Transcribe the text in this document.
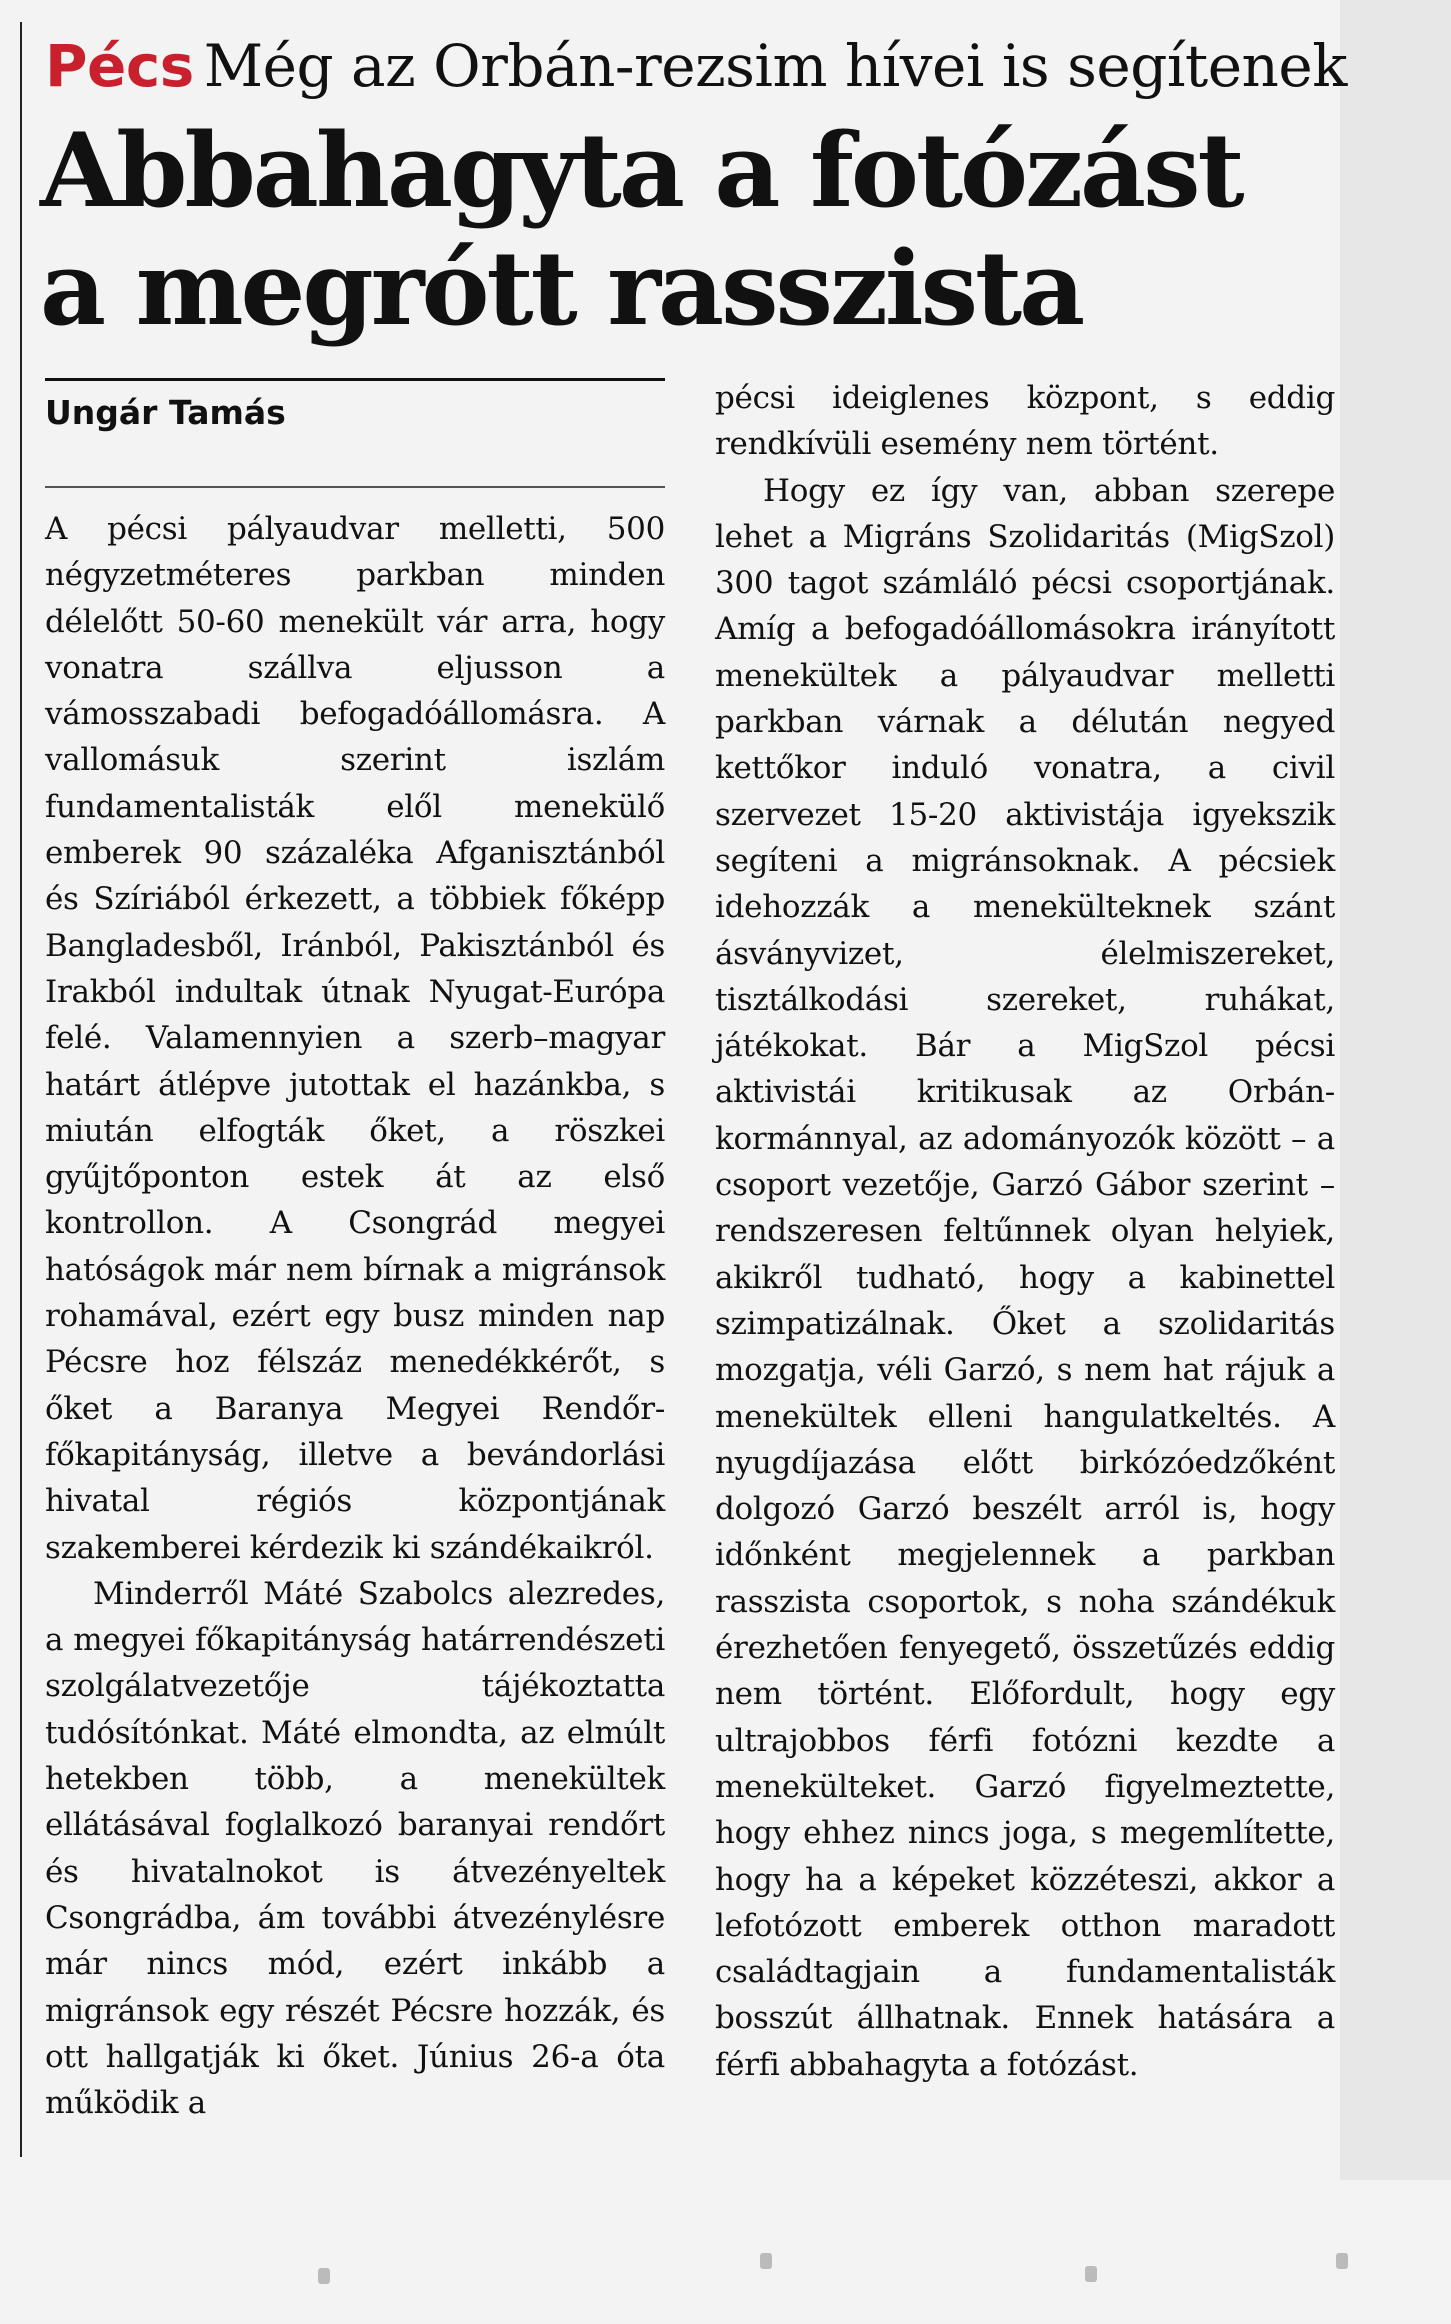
Pécs Még az Orbán-rezsim hívei is segítenek
Abbahagyta a fotózást
a megrótt rasszista
Ungár Tamás

A pécsi pályaudvar melletti, 500 négyzetméteres parkban minden délelőtt 50-60 menekült vár arra, hogy vonatra szállva eljusson a vámosszabadi befogadóállomásra. A vallomásuk szerint iszlám fundamentalisták elől menekülő emberek 90 százaléka Afganisztánból és Szíriából érkezett, a többiek főképp Bangladesből, Iránból, Pakisztánból és Irakból indultak útnak Nyugat-Európa felé. Valamennyien a szerb–magyar határt átlépve jutottak el hazánkba, s miután elfogták őket, a röszkei gyűjtőponton estek át az első kontrollon. A Csongrád megyei hatóságok már nem bírnak a migránsok rohamával, ezért egy busz minden nap Pécsre hoz félszáz menedékkérőt, s őket a Baranya Megyei Rendőr-főkapitányság, illetve a bevándorlási hivatal régiós központjának szakemberei kérdezik ki szándékaikról.

Minderről Máté Szabolcs alezredes, a megyei főkapitányság határrendészeti szolgálatvezetője tájékoztatta tudósítónkat. Máté elmondta, az elmúlt hetekben több, a menekültek ellátásával foglalkozó baranyai rendőrt és hivatalnokot is átvezényeltek Csongrádba, ám további átvezénylésre már nincs mód, ezért inkább a migránsok egy részét Pécsre hozzák, és ott hallgatják ki őket. Június 26-a óta működik a

pécsi ideiglenes központ, s eddig rendkívüli esemény nem történt.

Hogy ez így van, abban szerepe lehet a Migráns Szolidaritás (MigSzol) 300 tagot számláló pécsi csoportjának. Amíg a befogadóállomásokra irányított menekültek a pályaudvar melletti parkban várnak a délután negyed kettőkor induló vonatra, a civil szervezet 15-20 aktivistája igyekszik segíteni a migránsoknak. A pécsiek idehozzák a menekülteknek szánt ásványvizet, élelmiszereket, tisztálkodási szereket, ruhákat, játékokat. Bár a MigSzol pécsi aktivistái kritikusak az Orbán-kormánnyal, az adományozók között – a csoport vezetője, Garzó Gábor szerint – rendszeresen feltűnnek olyan helyiek, akikről tudható, hogy a kabinettel szimpatizálnak. Őket a szolidaritás mozgatja, véli Garzó, s nem hat rájuk a menekültek elleni hangulatkeltés. A nyugdíjazása előtt birkózóedzőként dolgozó Garzó beszélt arról is, hogy időnként megjelennek a parkban rasszista csoportok, s noha szándékuk érezhetően fenyegető, összetűzés eddig nem történt. Előfordult, hogy egy ultrajobbos férfi fotózni kezdte a menekülteket. Garzó figyelmeztette, hogy ehhez nincs joga, s megemlítette, hogy ha a képeket közzéteszi, akkor a lefotózott emberek otthon maradott családtagjain a fundamentalisták bosszút állhatnak. Ennek hatására a férfi abbahagyta a fotózást.
